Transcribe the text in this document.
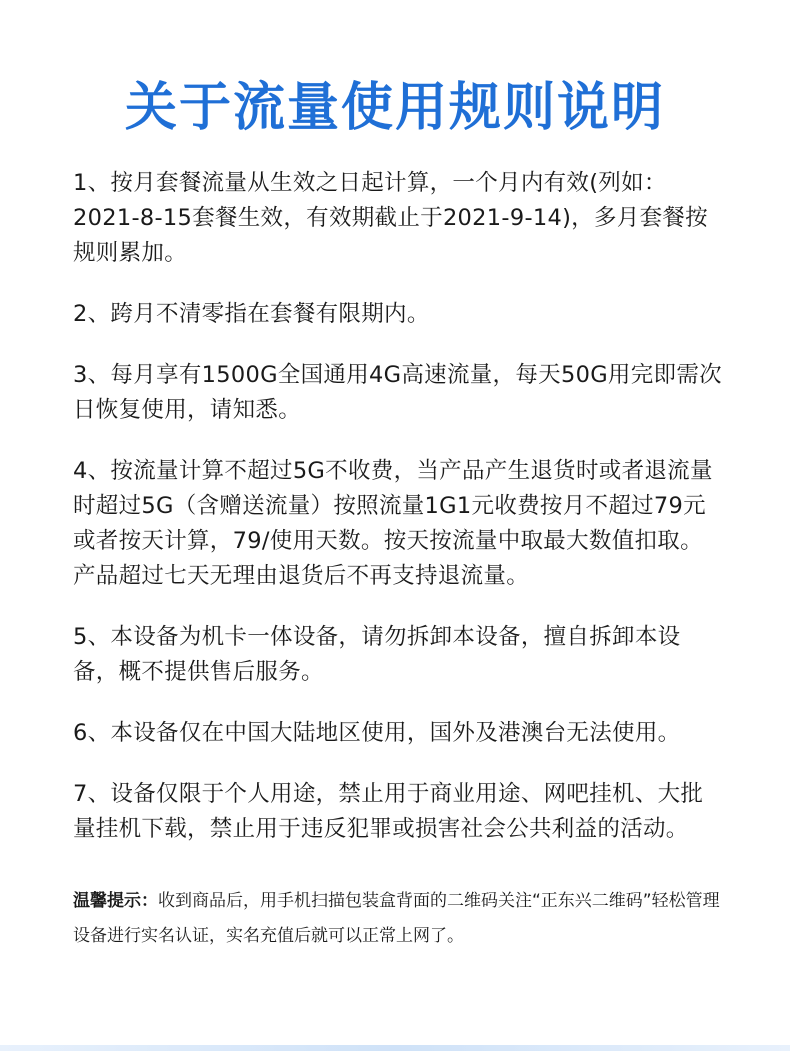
关于流量使用规则说明

1、按月套餐流量从生效之日起计算，一个月内有效(列如：2021-8-15套餐生效，有效期截止于2021-9-14)，多月套餐按规则累加。

2、跨月不清零指在套餐有限期内。

3、每月享有1500G全国通用4G高速流量，每天50G用完即需次日恢复使用，请知悉。

4、按流量计算不超过5G不收费，当产品产生退货时或者退流量时超过5G（含赠送流量）按照流量1G1元收费按月不超过79元或者按天计算，79/使用天数。按天按流量中取最大数值扣取。产品超过七天无理由退货后不再支持退流量。

5、本设备为机卡一体设备，请勿拆卸本设备，擅自拆卸本设备，概不提供售后服务。

6、本设备仅在中国大陆地区使用，国外及港澳台无法使用。

7、设备仅限于个人用途，禁止用于商业用途、网吧挂机、大批量挂机下载，禁止用于违反犯罪或损害社会公共利益的活动。

温馨提示：收到商品后，用手机扫描包装盒背面的二维码关注“正东兴二维码”轻松管理设备进行实名认证，实名充值后就可以正常上网了。
